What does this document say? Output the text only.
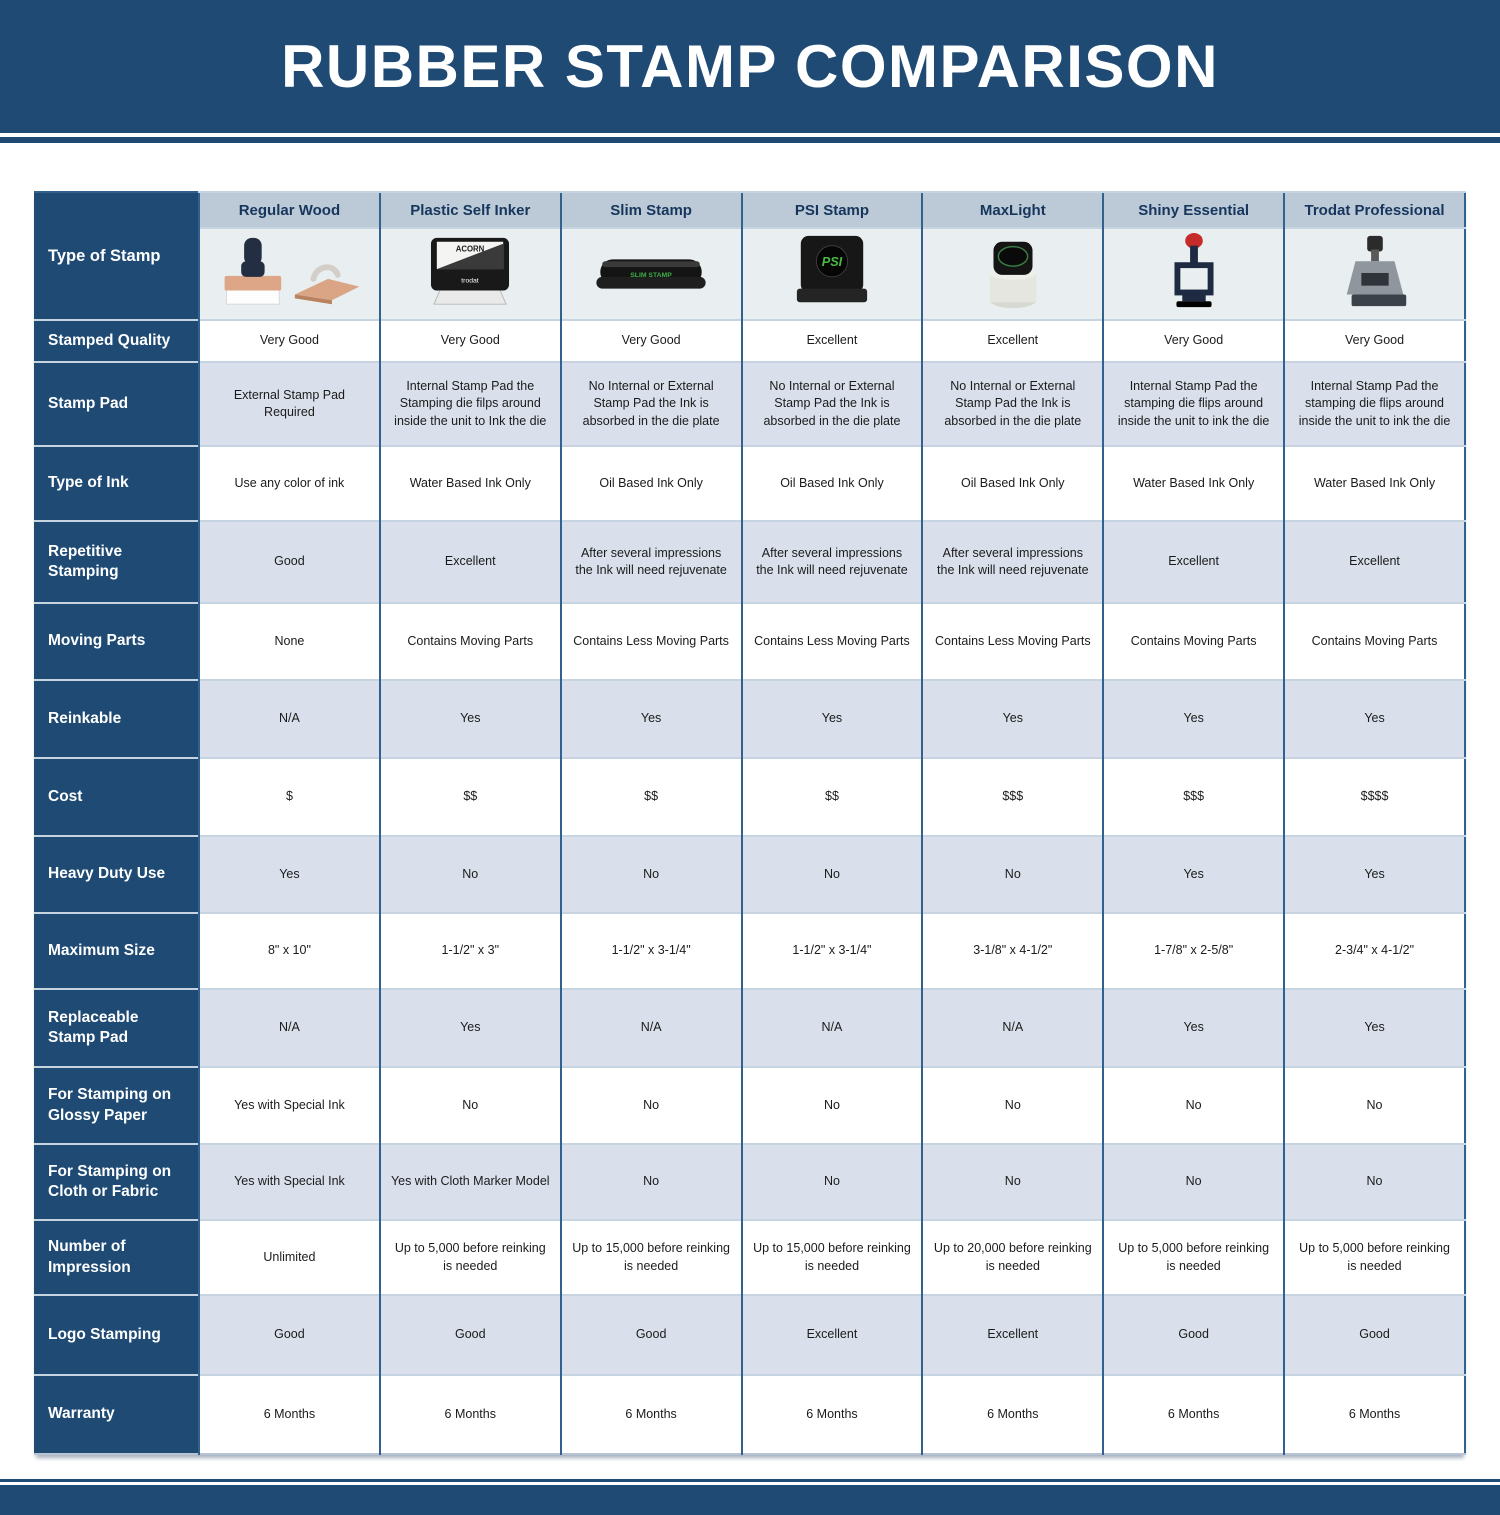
RUBBER STAMP COMPARISON
Type of Stamp	Regular Wood	Plastic Self Inker	Slim Stamp	PSI Stamp	MaxLight	Shiny Essential	Trodat Professional

ACORN
trodat	SLIM STAMP	PSI

Stamped Quality	Very Good	Very Good	Very Good	Excellent	Excellent	Very Good	Very Good
Stamp Pad	External Stamp Pad Required	Internal Stamp Pad the Stamping die filps around inside the unit to Ink the die	No Internal or External Stamp Pad the Ink is absorbed in the die plate	No Internal or External Stamp Pad the Ink is absorbed in the die plate	No Internal or External Stamp Pad the Ink is absorbed in the die plate	Internal Stamp Pad the stamping die flips around inside the unit to ink the die	Internal Stamp Pad the stamping die flips around inside the unit to ink the die
Type of Ink	Use any color of ink	Water Based Ink Only	Oil Based Ink Only	Oil Based Ink Only	Oil Based Ink Only	Water Based Ink Only	Water Based Ink Only
Repetitive Stamping	Good	Excellent	After several impressions the Ink will need rejuvenate	After several impressions the Ink will need rejuvenate	After several impressions the Ink will need rejuvenate	Excellent	Excellent
Moving Parts	None	Contains Moving Parts	Contains Less Moving Parts	Contains Less Moving Parts	Contains Less Moving Parts	Contains Moving Parts	Contains Moving Parts
Reinkable	N/A	Yes	Yes	Yes	Yes	Yes	Yes
Cost	$	$$	$$	$$	$$$	$$$	$$$$
Heavy Duty Use	Yes	No	No	No	No	Yes	Yes
Maximum Size	8" x 10"	1-1/2" x 3"	1-1/2" x 3-1/4"	1-1/2" x 3-1/4"	3-1/8" x 4-1/2"	1-7/8" x 2-5/8"	2-3/4" x 4-1/2"
Replaceable Stamp Pad	N/A	Yes	N/A	N/A	N/A	Yes	Yes
For Stamping on Glossy Paper	Yes with Special Ink	No	No	No	No	No	No
For Stamping on Cloth or Fabric	Yes with Special Ink	Yes with Cloth Marker Model	No	No	No	No	No
Number of Impression	Unlimited	Up to 5,000 before reinking is needed	Up to 15,000 before reinking is needed	Up to 15,000 before reinking is needed	Up to 20,000 before reinking is needed	Up to 5,000 before reinking is needed	Up to 5,000 before reinking is needed
Logo Stamping	Good	Good	Good	Excellent	Excellent	Good	Good
Warranty	6 Months	6 Months	6 Months	6 Months	6 Months	6 Months	6 Months
